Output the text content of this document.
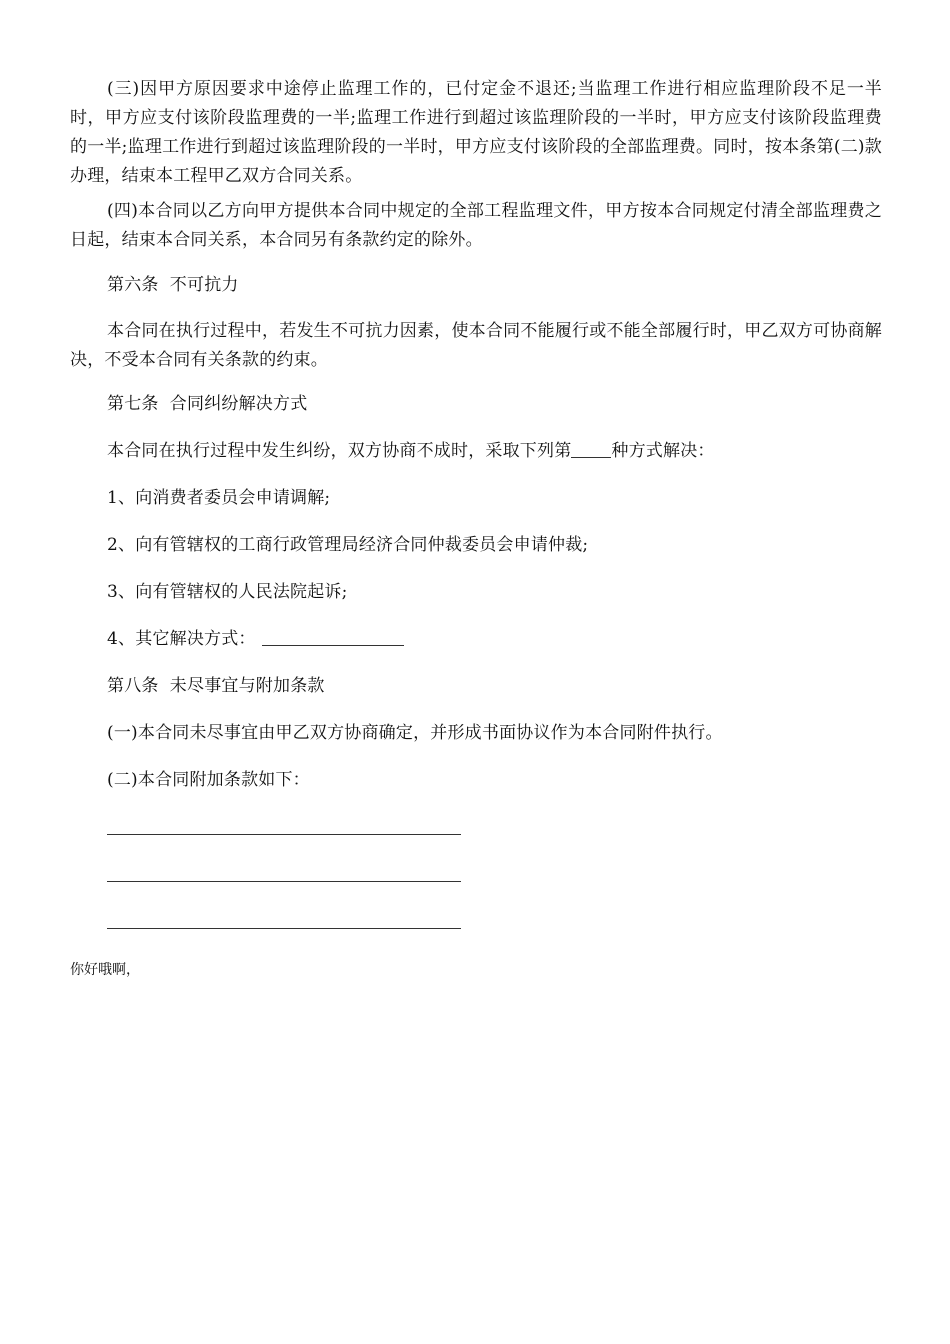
(三)因甲方原因要求中途停止监理工作的，已付定金不退还;当监理工作进行相应监理阶段不足一半时，甲方应支付该阶段监理费的一半;监理工作进行到超过该监理阶段的一半时，甲方应支付该阶段监理费的一半;监理工作进行到超过该监理阶段的一半时，甲方应支付该阶段的全部监理费。同时，按本条第(二)款办理，结束本工程甲乙双方合同关系。

(四)本合同以乙方向甲方提供本合同中规定的全部工程监理文件，甲方按本合同规定付清全部监理费之日起，结束本合同关系，本合同另有条款约定的除外。

第六条  不可抗力

本合同在执行过程中，若发生不可抗力因素，使本合同不能履行或不能全部履行时，甲乙双方可协商解决，不受本合同有关条款的约束。

第七条  合同纠纷解决方式

本合同在执行过程中发生纠纷，双方协商不成时，采取下列第 种方式解决：

1、向消费者委员会申请调解;

2、向有管辖权的工商行政管理局经济合同仲裁委员会申请仲裁;

3、向有管辖权的人民法院起诉;

4、其它解决方式：

第八条  未尽事宜与附加条款

(一)本合同未尽事宜由甲乙双方协商确定，并形成书面协议作为本合同附件执行。

(二)本合同附加条款如下：

你好哦啊，
